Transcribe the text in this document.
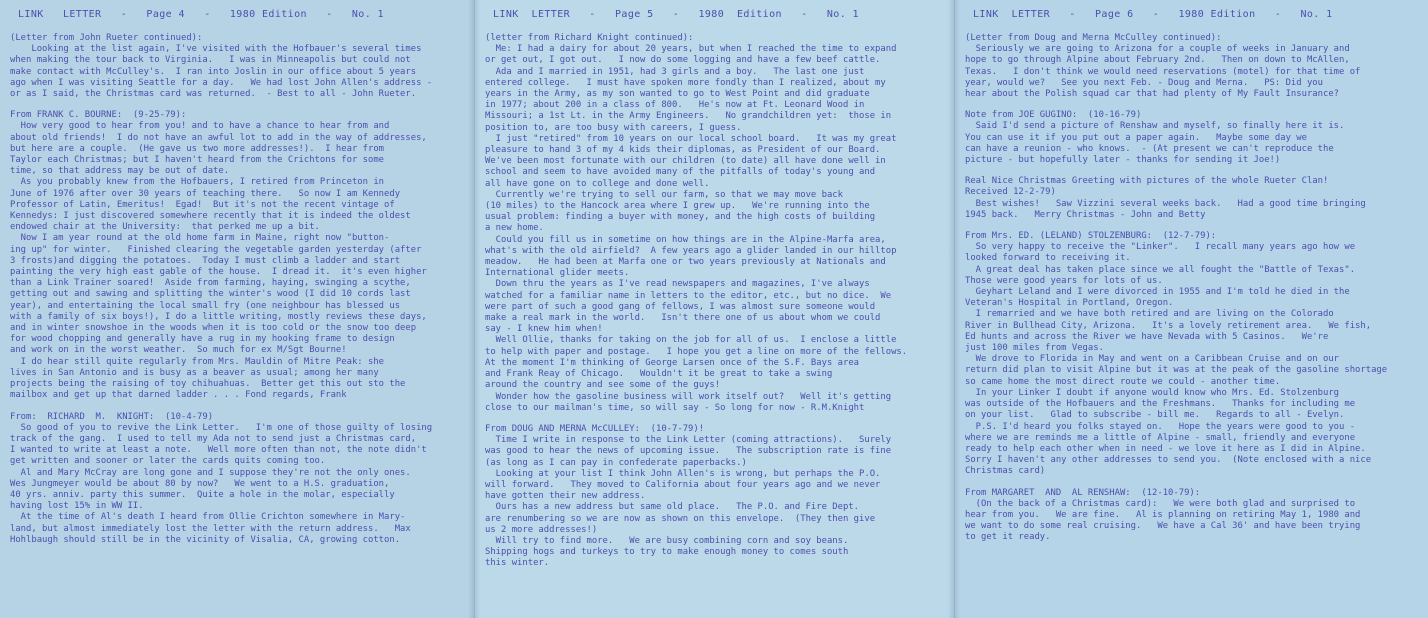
LINK   LETTER   -   Page 4   -   1980 Edition   -   No. 1
(Letter from John Rueter continued):
Looking at the list again, I've visited with the Hofbauer's several times
when making the tour back to Virginia.   I was in Minneapolis but could not
make contact with McCulley's.  I ran into Joslin in our office about 5 years
ago when I was visiting Seattle for a day.   We had lost John Allen's address -
or as I said, the Christmas card was returned.  - Best to all - John Rueter.
From FRANK C. BOURNE:  (9-25-79):
How very good to hear from you! and to have a chance to hear from and
about old friends!  I do not have an awful lot to add in the way of addresses,
but here are a couple.  (He gave us two more addresses!).  I hear from
Taylor each Christmas; but I haven't heard from the Crichtons for some
time, so that address may be out of date.
As you probably knew from the Hofbauers, I retired from Princeton in
June of 1976 after over 30 years of teaching there.   So now I am Kennedy
Professor of Latin, Emeritus!  Egad!  But it's not the recent vintage of
Kennedys: I just discovered somewhere recently that it is indeed the oldest
endowed chair at the University:  that perked me up a bit.
Now I am year round at the old home farm in Maine, right now "button-
ing up" for winter.   Finished clearing the vegetable garden yesterday (after
3 frosts)and digging the potatoes.  Today I must climb a ladder and start
painting the very high east gable of the house.  I dread it.  it's even higher
than a Link Trainer soared!  Aside from farming, haying, swinging a scythe,
getting out and sawing and splitting the winter's wood (I did 10 cords last
year), and entertaining the local small fry (one neighbour has blessed us
with a family of six boys!), I do a little writing, mostly reviews these days,
and in winter snowshoe in the woods when it is too cold or the snow too deep
for wood chopping and generally have a rug in my hooking frame to design
and work on in the worst weather.  So much for ex M/Sgt Bourne!
I do hear still quite regularly from Mrs. Mauldin of Mitre Peak: she
lives in San Antonio and is busy as a beaver as usual; among her many
projects being the raising of toy chihuahuas.  Better get this out sto the
mailbox and get up that darned ladder . . . Fond regards, Frank
From:  RICHARD  M.  KNIGHT:  (10-4-79)
So good of you to revive the Link Letter.   I'm one of those guilty of losing
track of the gang.  I used to tell my Ada not to send just a Christmas card,
I wanted to write at least a note.   Well more often than not, the note didn't
get written and sooner or later the cards quits coming too.
Al and Mary McCray are long gone and I suppose they're not the only ones.
Wes Jungmeyer would be about 80 by now?   We went to a H.S. graduation,
40 yrs. anniv. party this summer.  Quite a hole in the molar, especially
having lost 15% in WW II.
At the time of Al's death I heard from Ollie Crichton somewhere in Mary-
land, but almost immediately lost the letter with the return address.   Max
Hohlbaugh should still be in the vicinity of Visalia, CA, growing cotton.
LINK  LETTER   -   Page 5   -   1980  Edition   -   No. 1
(letter from Richard Knight continued):
Me: I had a dairy for about 20 years, but when I reached the time to expand
or get out, I got out.   I now do some logging and have a few beef cattle.
Ada and I married in 1951, had 3 girls and a boy.   The last one just
entered college.   I must have spoken more fondly than I realized, about my
years in the Army, as my son wanted to go to West Point and did graduate
in 1977; about 200 in a class of 800.   He's now at Ft. Leonard Wood in
Missouri; a 1st Lt. in the Army Engineers.   No grandchildren yet:  those in
position to, are too busy with careers, I guess.
I just "retired" from 10 years on our local school board.   It was my great
pleasure to hand 3 of my 4 kids their diplomas, as President of our Board.
We've been most fortunate with our children (to date) all have done well in
school and seem to have avoided many of the pitfalls of today's young and
all have gone on to college and done well.
Currently we're trying to sell our farm, so that we may move back
(10 miles) to the Hancock area where I grew up.   We're running into the
usual problem: finding a buyer with money, and the high costs of building
a new home.
Could you fill us in sometime on how things are in the Alpine-Marfa area,
what's with the old airfield?  A few years ago a glider landed in our hilltop
meadow.   He had been at Marfa one or two years previously at Nationals and
International glider meets.
Down thru the years as I've read newspapers and magazines, I've always
watched for a familiar name in letters to the editor, etc., but no dice.  We
were part of such a good gang of fellows, I was almost sure someone would
make a real mark in the world.   Isn't there one of us about whom we could
say - I knew him when!
Well Ollie, thanks for taking on the job for all of us.  I enclose a little
to help with paper and postage.   I hope you get a line on more of the fellows.
At the moment I'm thinking of George Larsen once of the S.F. Bays area
and Frank Reay of Chicago.   Wouldn't it be great to take a swing
around the country and see some of the guys!
Wonder how the gasoline business will work itself out?   Well it's getting
close to our mailman's time, so will say - So long for now - R.M.Knight
From DOUG AND MERNA McCULLEY:  (10-7-79)!
Time I write in response to the Link Letter (coming attractions).   Surely
was good to hear the news of upcoming issue.   The subscription rate is fine
(as long as I can pay in confederate paperbacks.)
Looking at your list I think John Allen's is wrong, but perhaps the P.O.
will forward.   They moved to California about four years ago and we never
have gotten their new address.
Ours has a new address but same old place.   The P.O. and Fire Dept.
are renumbering so we are now as shown on this envelope.  (They then give
us 2 more addresses!)
Will try to find more.   We are busy combining corn and soy beans.
Shipping hogs and turkeys to try to make enough money to comes south
this winter.
LINK  LETTER   -   Page 6   -   1980 Edition   -   No. 1
(Letter from Doug and Merna McCulley continued):
Seriously we are going to Arizona for a couple of weeks in January and
hope to go through Alpine about February 2nd.   Then on down to McAllen,
Texas.   I don't think we would need reservations (motel) for that time of
year, would we?   See you next Feb. - Doug and Merna.   PS: Did you
hear about the Polish squad car that had plenty of My Fault Insurance?
Note from JOE GUGINO:  (10-16-79)
Said I'd send a picture of Renshaw and myself, so finally here it is.
You can use it if you put out a paper again.   Maybe some day we
can have a reunion - who knows.  - (At present we can't reproduce the
picture - but hopefully later - thanks for sending it Joe!)
Real Nice Christmas Greeting with pictures of the whole Rueter Clan!
Received 12-2-79)
Best wishes!   Saw Vizzini several weeks back.   Had a good time bringing
1945 back.   Merry Christmas - John and Betty
From Mrs. ED. (LELAND) STOLZENBURG:  (12-7-79):
So very happy to receive the "Linker".   I recall many years ago how we
looked forward to receiving it.
A great deal has taken place since we all fought the "Battle of Texas".
Those were good years for lots of us.
Geyhart Leland and I were divorced in 1955 and I'm told he died in the
Veteran's Hospital in Portland, Oregon.
I remarried and we have both retired and are living on the Colorado
River in Bullhead City, Arizona.   It's a lovely retirement area.   We fish,
Ed hunts and across the River we have Nevada with 5 Casinos.   We're
just 100 miles from Vegas.
We drove to Florida in May and went on a Caribbean Cruise and on our
return did plan to visit Alpine but it was at the peak of the gasoline shortage
so came home the most direct route we could - another time.
In your Linker I doubt if anyone would know who Mrs. Ed. Stolzenburg
was outside of the Hofbauers and the Freshmans.   Thanks for including me
on your list.   Glad to subscribe - bill me.   Regards to all - Evelyn.
P.S. I'd heard you folks stayed on.   Hope the years were good to you -
where we are reminds me a little of Alpine - small, friendly and everyone
ready to help each other when in need - we love it here as I did in Alpine.
Sorry I haven't any other addresses to send you.  (Note enclosed with a nice
Christmas card)
From MARGARET  AND  AL RENSHAW:  (12-10-79):
(On the back of a Christmas card):   We were both glad and surprised to
hear from you.   We are fine.   Al is planning on retiring May 1, 1980 and
we want to do some real cruising.   We have a Cal 36' and have been trying
to get it ready.
